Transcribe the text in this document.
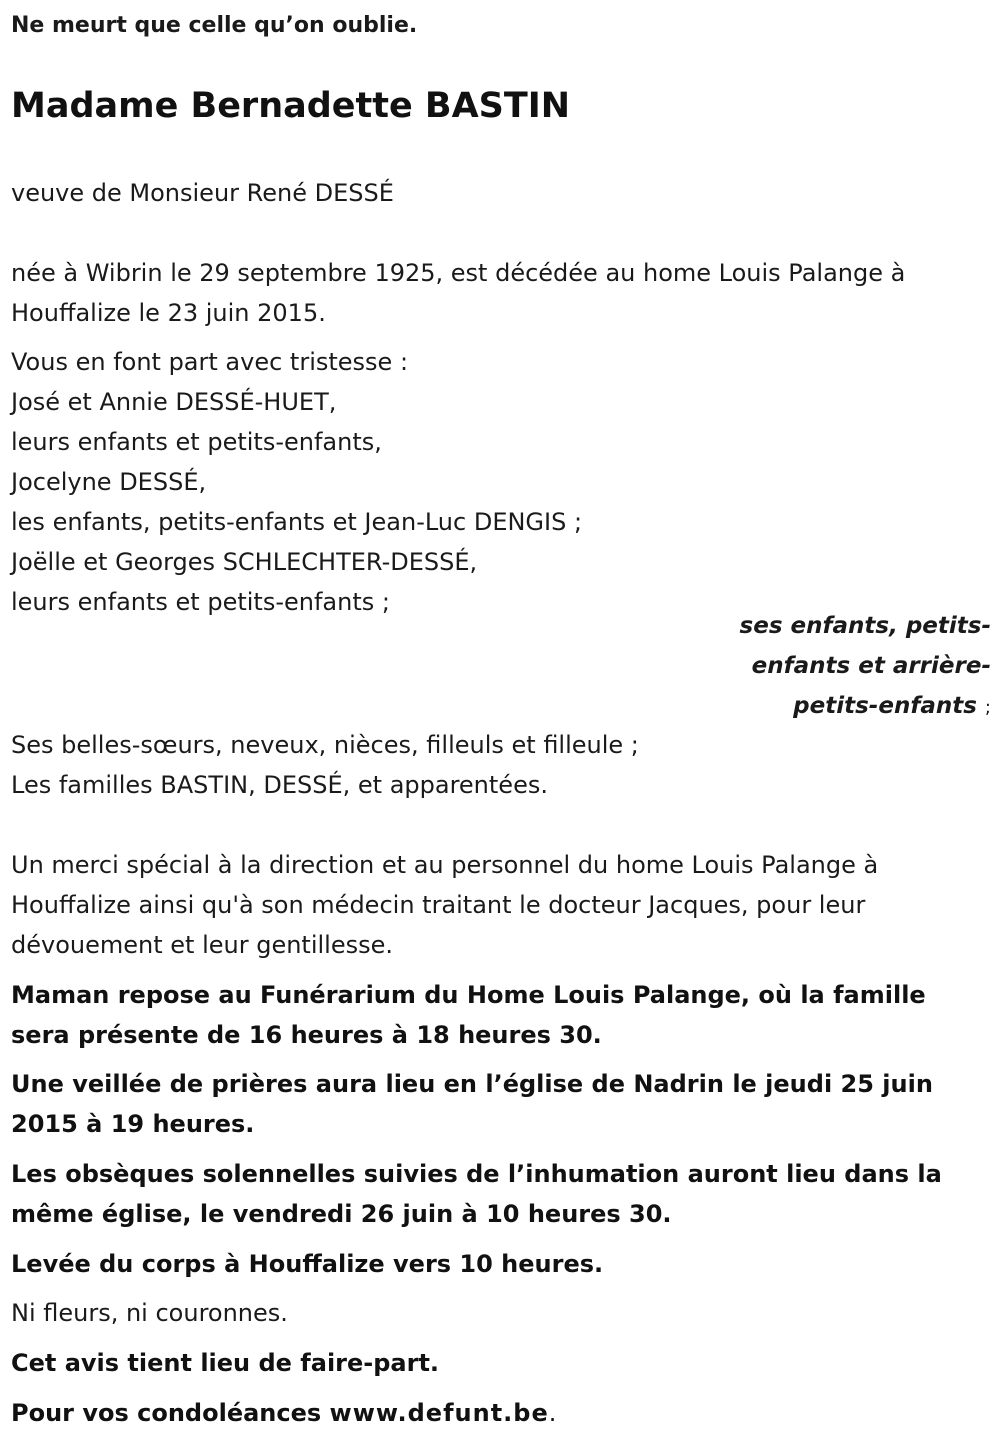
Ne meurt que celle qu’on oublie.

Madame Bernadette BASTIN

veuve de Monsieur René DESSÉ

née à Wibrin le 29 septembre 1925, est décédée au home Louis Palange à

Houffalize le 23 juin 2015.

Vous en font part avec tristesse :

José et Annie DESSÉ-HUET,

leurs enfants et petits-enfants,

Jocelyne DESSÉ,

les enfants, petits-enfants et Jean-Luc DENGIS ;

Joëlle et Georges SCHLECHTER-DESSÉ,

leurs enfants et petits-enfants ;

ses enfants, petits-

enfants et arrière-

petits-enfants ;

Ses belles-sœurs, neveux, nièces, filleuls et filleule ;

Les familles BASTIN, DESSÉ, et apparentées.

Un merci spécial à la direction et au personnel du home Louis Palange à

Houffalize ainsi qu'à son médecin traitant le docteur Jacques, pour leur

dévouement et leur gentillesse.

Maman repose au Funérarium du Home Louis Palange, où la famille

sera présente de 16 heures à 18 heures 30.

Une veillée de prières aura lieu en l’église de Nadrin le jeudi 25 juin

2015 à 19 heures.

Les obsèques solennelles suivies de l’inhumation auront lieu dans la

même église, le vendredi 26 juin à 10 heures 30.

Levée du corps à Houffalize vers 10 heures.

Ni fleurs, ni couronnes.

Cet avis tient lieu de faire-part.

Pour vos condoléances www.defunt.be.
